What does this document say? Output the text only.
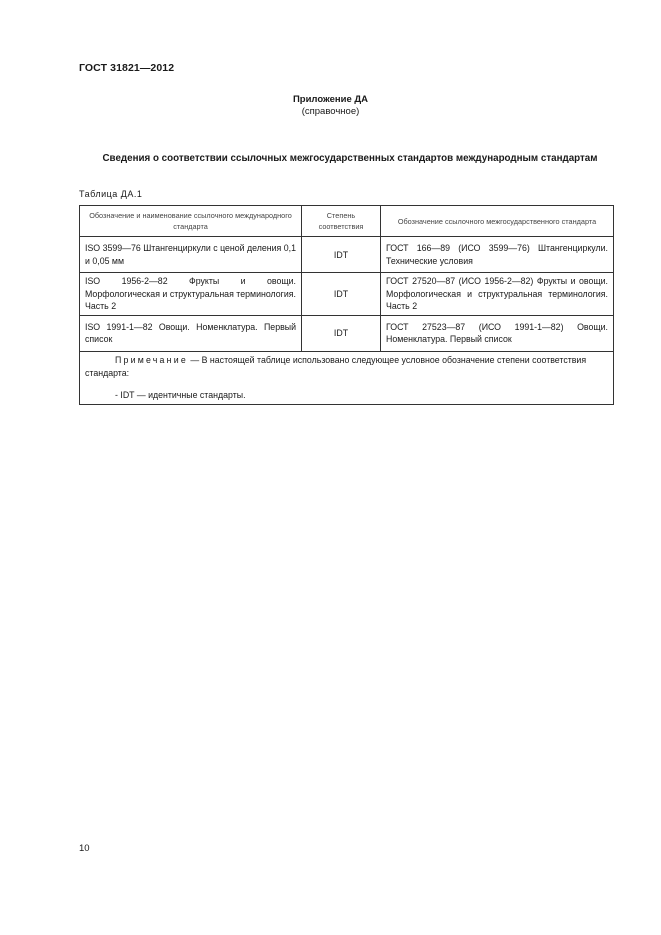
ГОСТ 31821—2012
Приложение ДА
(справочное)
Сведения о соответствии ссылочных межгосударственных стандартов международным стандартам
Таблица ДА.1
Обозначение и наименование ссылочного международного стандарта	Степень соответствия	Обозначение ссылочного межгосударственного стандарта
ISO 3599—76 Штангенциркули с ценой деления 0,1 и 0,05 мм	IDT	ГОСТ 166—89 (ИСО 3599—76) Штангенциркули. Технические условия
ISO 1956-2—82 Фрукты и овощи. Морфологическая и структуральная терминология. Часть 2	IDT	ГОСТ 27520—87 (ИСО 1956-2—82) Фрукты и овощи. Морфологическая и структуральная терминология. Часть 2
ISO 1991-1—82 Овощи. Номенклатура. Первый список	IDT	ГОСТ 27523—87 (ИСО 1991-1—82) Овощи. Номенклатура. Первый список

Примечание — В настоящей таблице использовано следующее условное обозначение степени соответствия стандарта:

- IDT — идентичные стандарты.		

10
